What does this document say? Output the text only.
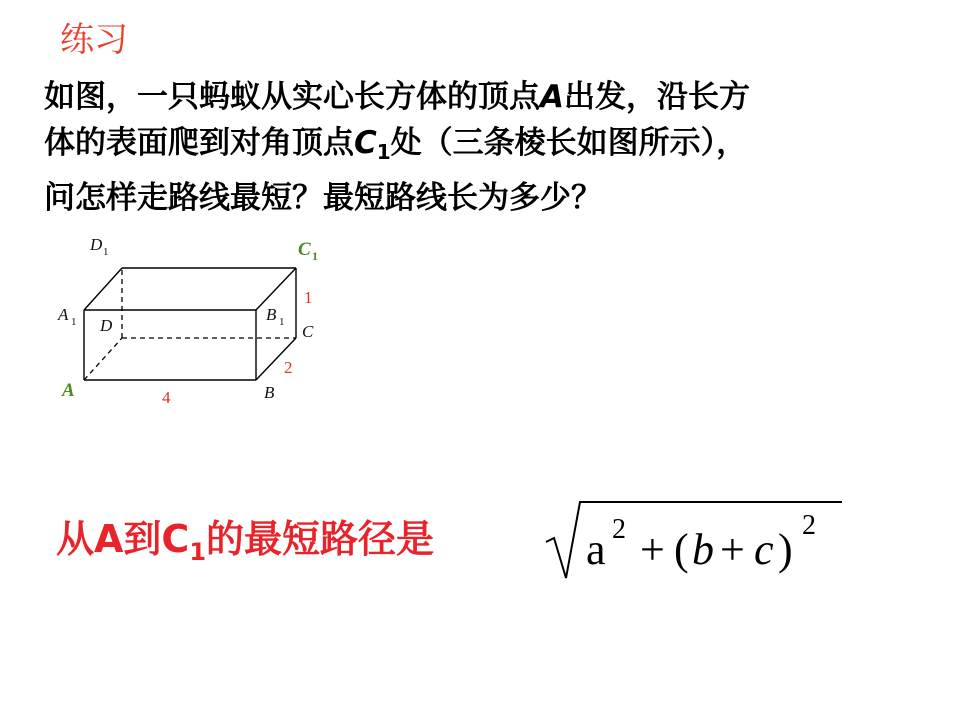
练习
如图，一只蚂蚁从实心长方体的顶点A出发，沿长方
体的表面爬到对角顶点$C_1$处（三条棱长如图所示），
问怎样走路线最短？最短路线长为多少？
D 1	C 1
A 1 D
B 1 C
A	B
1
2
4
从A到$C_1$的最短路径是	a 2 + ( b + c ) 2
